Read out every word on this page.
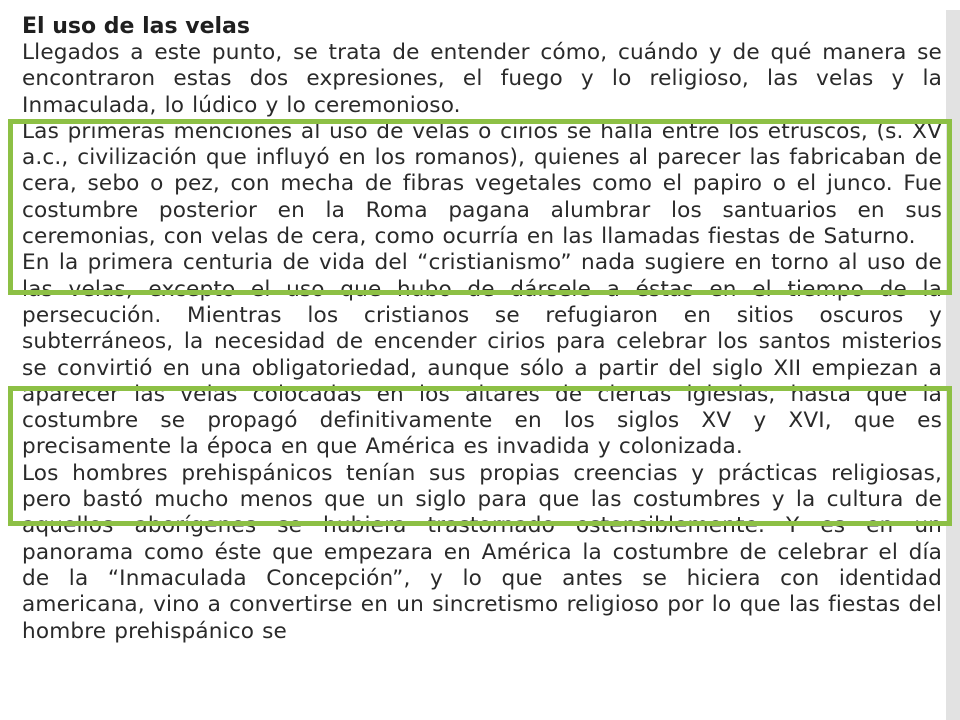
El uso de las velas

Llegados a este punto, se trata de entender cómo, cuándo y de qué manera se encontraron estas dos expresiones, el fuego y lo religioso, las velas y la Inmaculada, lo lúdico y lo ceremonioso.

Las primeras menciones al uso de velas o cirios se halla entre los etruscos, (s. XV a.c., civilización que influyó en los romanos), quienes al parecer las fabricaban de cera, sebo o pez, con mecha de fibras vegetales como el papiro o el junco. Fue costumbre posterior en la Roma pagana alumbrar los santuarios en sus ceremonias, con velas de cera, como ocurría en las llamadas fiestas de Saturno.

En la primera centuria de vida del “cristianismo” nada sugiere en torno al uso de las velas, excepto el uso que hubo de dársele a éstas en el tiempo de la persecución. Mientras los cristianos se refugiaron en sitios oscuros y subterráneos, la necesidad de encender cirios para celebrar los santos misterios se convirtió en una obligatoriedad, aunque sólo a partir del siglo XII empiezan a aparecer las velas colocadas en los altares de ciertas iglesias, hasta que la costumbre se propagó definitivamente en los siglos XV y XVI, que es precisamente la época en que América es invadida y colonizada.

Los hombres prehispánicos tenían sus propias creencias y prácticas religiosas, pero bastó mucho menos que un siglo para que las costumbres y la cultura de aquellos aborígenes se hubiera trastornado ostensiblemente. Y es en un panorama como éste que empezara en América la costumbre de celebrar el día de la “Inmaculada Concepción”, y lo que antes se hiciera con identidad americana, vino a convertirse en un sincretismo religioso por lo que las fiestas del hombre prehispánico se
